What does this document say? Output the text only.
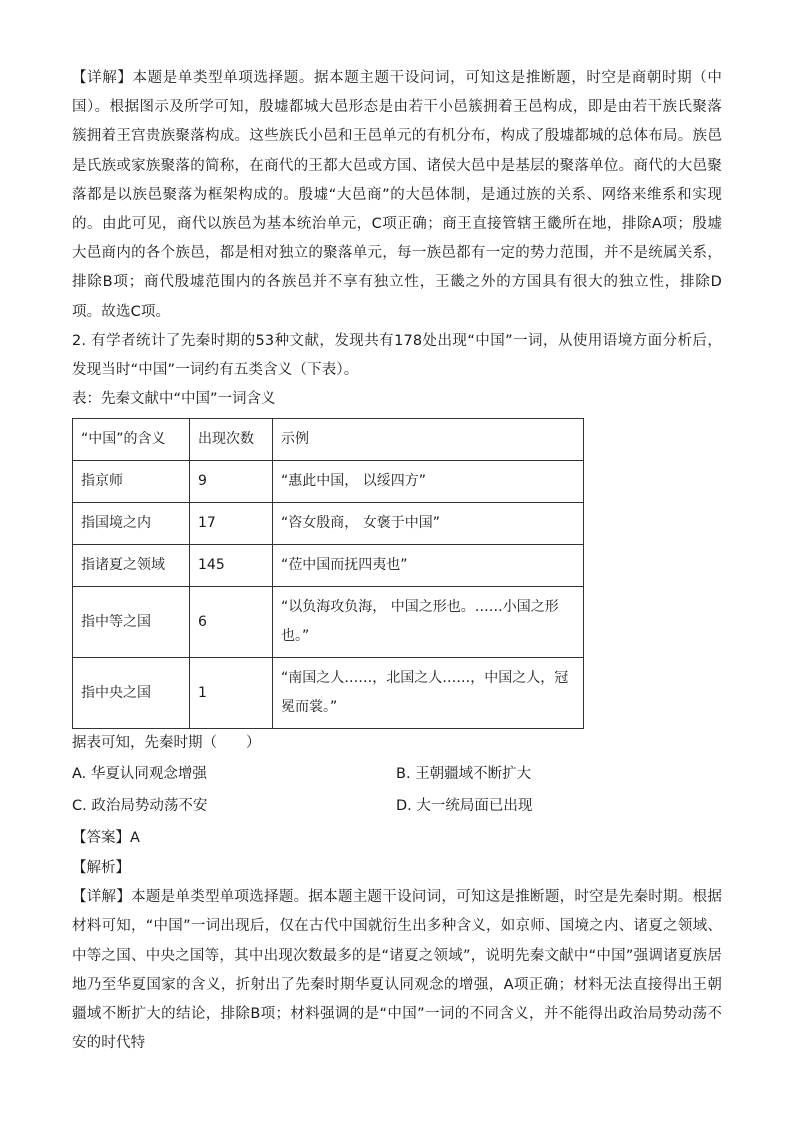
【详解】本题是单类型单项选择题。据本题主题干设问词，可知这是推断题，时空是商朝时期（中国）。根据图示及所学可知，殷墟都城大邑形态是由若干小邑簇拥着王邑构成，即是由若干族氏聚落簇拥着王宫贵族聚落构成。这些族氏小邑和王邑单元的有机分布，构成了殷墟都城的总体布局。族邑是氏族或家族聚落的简称，在商代的王都大邑或方国、诸侯大邑中是基层的聚落单位。商代的大邑聚落都是以族邑聚落为框架构成的。殷墟“大邑商”的大邑体制，是通过族的关系、网络来维系和实现的。由此可见，商代以族邑为基本统治单元，C项正确；商王直接管辖王畿所在地，排除A项；殷墟大邑商内的各个族邑，都是相对独立的聚落单元，每一族邑都有一定的势力范围，并不是统属关系，排除B项；商代殷墟范围内的各族邑并不享有独立性，王畿之外的方国具有很大的独立性，排除D项。故选C项。

2. 有学者统计了先秦时期的53种文献，发现共有178处出现“中国”一词，从使用语境方面分析后，发现当时“中国”一词约有五类含义（下表）。

表：先秦文献中“中国”一词含义

“中国”的含义	出现次数	示例
指京师	9	“惠此中国， 以绥四方”
指国境之内	17	“咨女殷商， 女褒于中国”
指诸夏之领域	145	“莅中国而抚四夷也”
指中等之国	6	“以负海攻负海， 中国之形也。……小国之形也。”
指中央之国	1	“南国之人……，北国之人……，中国之人，冠冕而裳。”

据表可知，先秦时期（　　）

A. 华夏认同观念增强	B. 王朝疆域不断扩大
C. 政治局势动荡不安	D. 大一统局面已出现

【答案】A

【解析】

【详解】本题是单类型单项选择题。据本题主题干设问词，可知这是推断题，时空是先秦时期。根据材料可知，“中国”一词出现后，仅在古代中国就衍生出多种含义，如京师、国境之内、诸夏之领域、中等之国、中央之国等，其中出现次数最多的是“诸夏之领域”，说明先秦文献中“中国”强调诸夏族居地乃至华夏国家的含义，折射出了先秦时期华夏认同观念的增强，A项正确；材料无法直接得出王朝疆域不断扩大的结论，排除B项；材料强调的是“中国”一词的不同含义，并不能得出政治局势动荡不安的时代特
